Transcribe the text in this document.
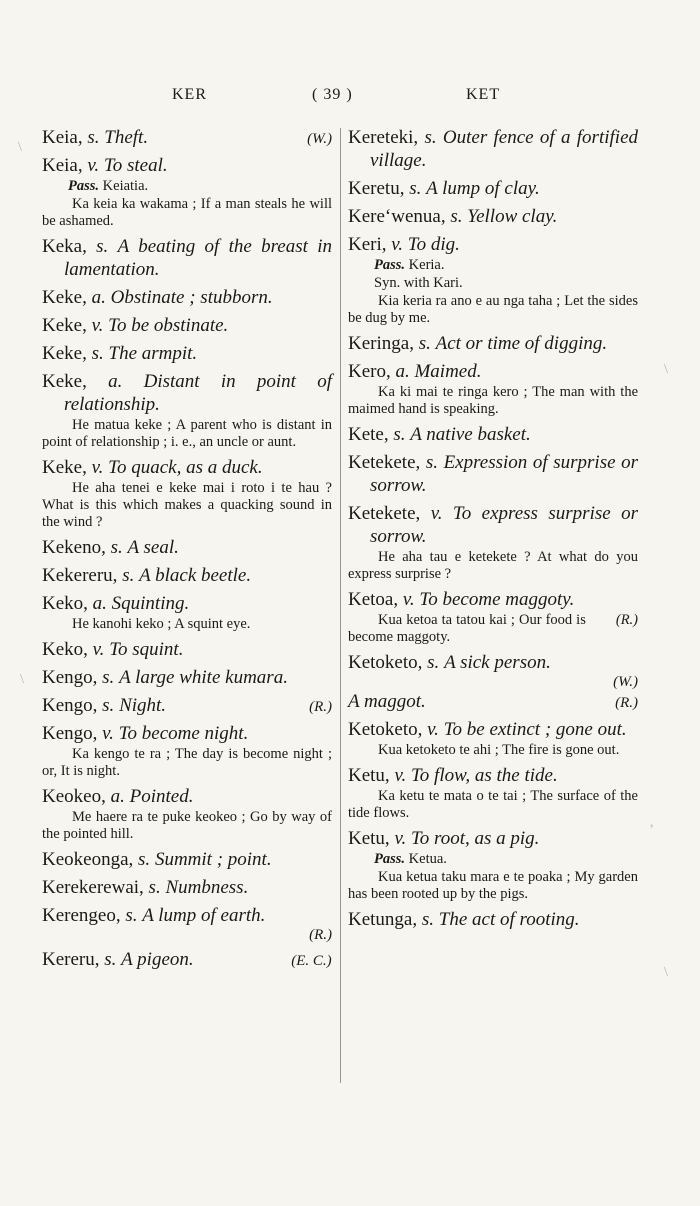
KER	( 39 )	KET
\
\
\
,
\

(W.)
Keia, s. Theft.

Keia, v. To steal.

Pass. Keiatia.

Ka keia ka wakama ; If a man steals he will be ashamed.

Keka, s. A beating of the breast in lamentation.

Keke, a. Obstinate ; stubborn.

Keke, v. To be obstinate.

Keke, s. The armpit.

Keke, a. Distant in point of relationship.

He matua keke ; A parent who is distant in point of relationship ; i. e., an uncle or aunt.

Keke, v. To quack, as a duck.

He aha tenei e keke mai i roto i te hau ? What is this which makes a quacking sound in the wind ?

Kekeno, s. A seal.

Kekereru, s. A black beetle.

Keko, a. Squinting.

He kanohi keko ; A squint eye.

Keko, v. To squint.

Kengo, s. A large white kumara.

(R.)
Kengo, s. Night.

Kengo, v. To become night.

Ka kengo te ra ; The day is become night ; or, It is night.

Keokeo, a. Pointed.

Me haere ra te puke keokeo ; Go by way of the pointed hill.

Keokeonga, s. Summit ; point.

Kerekerewai, s. Numbness.

Kerengeo, s. A lump of earth.

(R.)

(E. C.)
Kereru, s. A pigeon.

Kereteki, s. Outer fence of a fortified village.

Keretu, s. A lump of clay.

Kere‘wenua, s. Yellow clay.

Keri, v. To dig.

Pass. Keria.

Syn. with Kari.

Kia keria ra ano e au nga taha ; Let the sides be dug by me.

Keringa, s. Act or time of digging.

Kero, a. Maimed.

Ka ki mai te ringa kero ; The man with the maimed hand is speaking.

Kete, s. A native basket.

Ketekete, s. Expression of surprise or sorrow.

Ketekete, v. To express surprise or sorrow.

He aha tau e ketekete ? At what do you express surprise ?

Ketoa, v. To become maggoty.

(R.)
Kua ketoa ta tatou kai ; Our food is become maggoty.

Ketoketo, s. A sick person.

(W.)

(R.)
A maggot.

Ketoketo, v. To be extinct ; gone out.

Kua ketoketo te ahi ; The fire is gone out.

Ketu, v. To flow, as the tide.

Ka ketu te mata o te tai ; The surface of the tide flows.

Ketu, v. To root, as a pig.

Pass. Ketua.

Kua ketua taku mara e te poaka ; My garden has been rooted up by the pigs.

Ketunga, s. The act of rooting.
